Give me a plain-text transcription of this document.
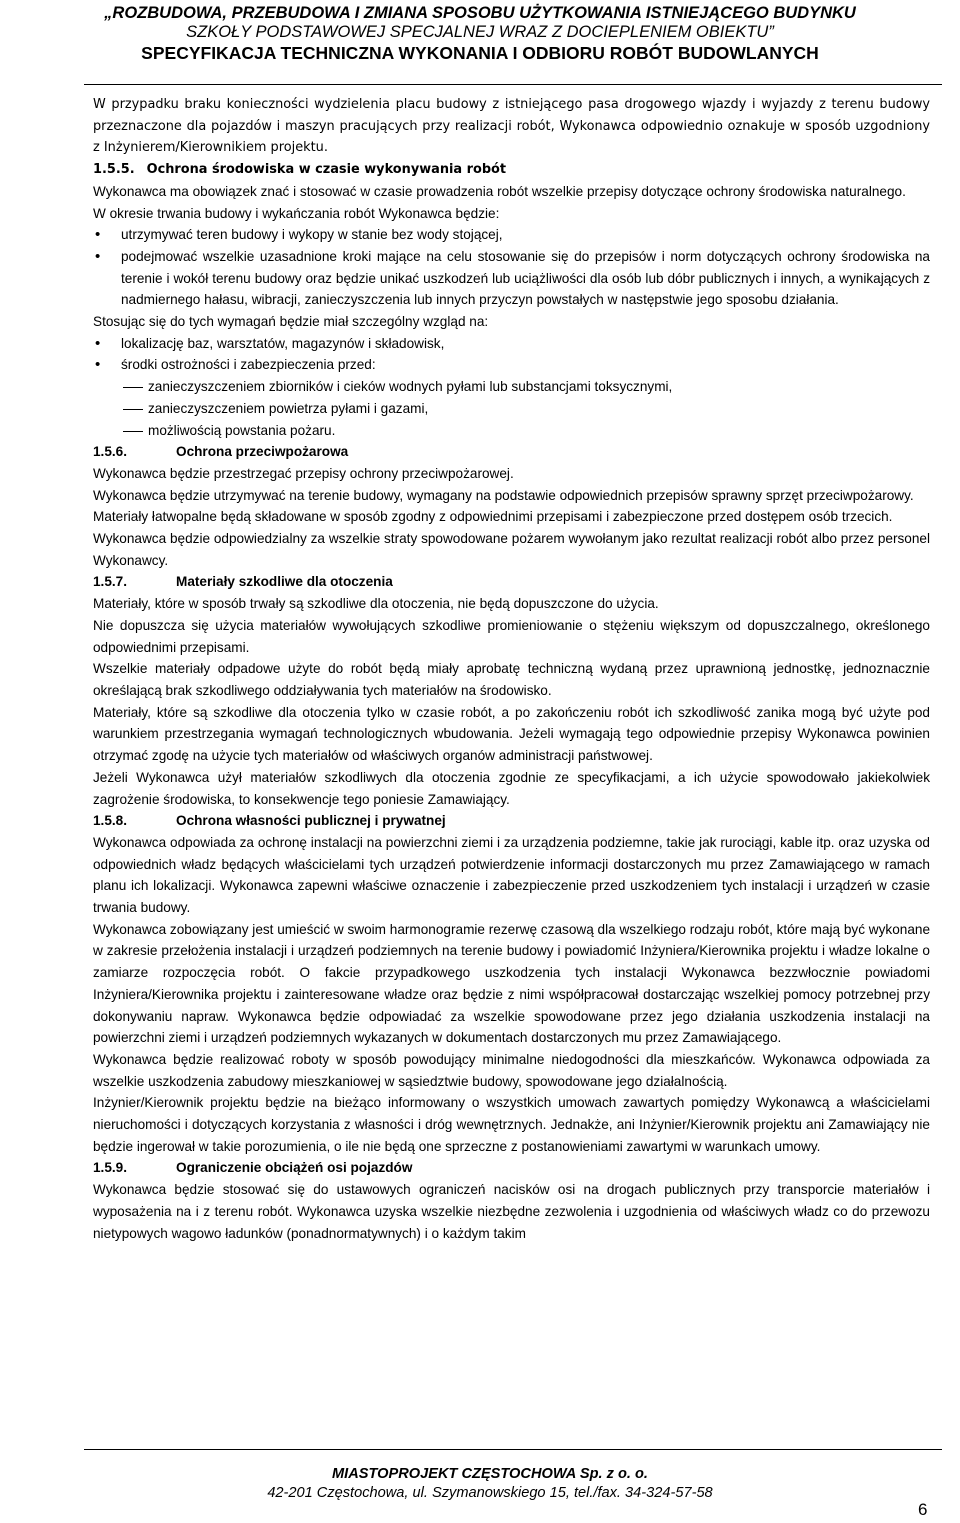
„ROZBUDOWA, PRZEBUDOWA I ZMIANA SPOSOBU UŻYTKOWANIA ISTNIEJĄCEGO BUDYNKU
SZKOŁY PODSTAWOWEJ SPECJALNEJ WRAZ Z DOCIEPLENIEM OBIEKTU”
SPECYFIKACJA TECHNICZNA WYKONANIA I ODBIORU ROBÓT BUDOWLANYCH

W przypadku braku konieczności wydzielenia placu budowy z istniejącego pasa drogowego wjazdy i wyjazdy z terenu budowy przeznaczone dla pojazdów i maszyn pracujących przy realizacji robót, Wykonawca odpowiednio oznakuje w sposób uzgodniony z Inżynierem/Kierownikiem projektu.

1.5.5. Ochrona środowiska w czasie wykonywania robót

Wykonawca ma obowiązek znać i stosować w czasie prowadzenia robót wszelkie przepisy dotyczące ochrony środowiska naturalnego.

W okresie trwania budowy i wykańczania robót Wykonawca będzie:

• utrzymywać teren budowy i wykopy w stanie bez wody stojącej,
• podejmować wszelkie uzasadnione kroki mające na celu stosowanie się do przepisów i norm dotyczących ochrony środowiska na terenie i wokół terenu budowy oraz będzie unikać uszkodzeń lub uciążliwości dla osób lub dóbr publicznych i innych, a wynikających z nadmiernego hałasu, wibracji, zanieczyszczenia lub innych przyczyn powstałych w następstwie jego sposobu działania.

Stosując się do tych wymagań będzie miał szczególny wzgląd na:

• lokalizację baz, warsztatów, magazynów i składowisk,
• środki ostrożności i zabezpieczenia przed:
zanieczyszczeniem zbiorników i cieków wodnych pyłami lub substancjami toksycznymi,
zanieczyszczeniem powietrza pyłami i gazami,
możliwością powstania pożaru.
1.5.6.	Ochrona przeciwpożarowa

Wykonawca będzie przestrzegać przepisy ochrony przeciwpożarowej.

Wykonawca będzie utrzymywać na terenie budowy, wymagany na podstawie odpowiednich przepisów sprawny sprzęt przeciwpożarowy.

Materiały łatwopalne będą składowane w sposób zgodny z odpowiednimi przepisami i zabezpieczone przed dostępem osób trzecich.

Wykonawca będzie odpowiedzialny za wszelkie straty spowodowane pożarem wywołanym jako rezultat realizacji robót albo przez personel Wykonawcy.

1.5.7.	Materiały szkodliwe dla otoczenia

Materiały, które w sposób trwały są szkodliwe dla otoczenia, nie będą dopuszczone do użycia.

Nie dopuszcza się użycia materiałów wywołujących szkodliwe promieniowanie o stężeniu większym od dopuszczalnego, określonego odpowiednimi przepisami.

Wszelkie materiały odpadowe użyte do robót będą miały aprobatę techniczną wydaną przez uprawnioną jednostkę, jednoznacznie określającą brak szkodliwego oddziaływania tych materiałów na środowisko.

Materiały, które są szkodliwe dla otoczenia tylko w czasie robót, a po zakończeniu robót ich szkodliwość zanika mogą być użyte pod warunkiem przestrzegania wymagań technologicznych wbudowania. Jeżeli wymagają tego odpowiednie przepisy Wykonawca powinien otrzymać zgodę na użycie tych materiałów od właściwych organów administracji państwowej.

Jeżeli Wykonawca użył materiałów szkodliwych dla otoczenia zgodnie ze specyfikacjami, a ich użycie spowodowało jakiekolwiek zagrożenie środowiska, to konsekwencje tego poniesie Zamawiający.

1.5.8.	Ochrona własności publicznej i prywatnej

Wykonawca odpowiada za ochronę instalacji na powierzchni ziemi i za urządzenia podziemne, takie jak rurociągi, kable itp. oraz uzyska od odpowiednich władz będących właścicielami tych urządzeń potwierdzenie informacji dostarczonych mu przez Zamawiającego w ramach planu ich lokalizacji. Wykonawca zapewni właściwe oznaczenie i zabezpieczenie przed uszkodzeniem tych instalacji i urządzeń w czasie trwania budowy.

Wykonawca zobowiązany jest umieścić w swoim harmonogramie rezerwę czasową dla wszelkiego rodzaju robót, które mają być wykonane w zakresie przełożenia instalacji i urządzeń podziemnych na terenie budowy i powiadomić Inżyniera/Kierownika projektu i władze lokalne o zamiarze rozpoczęcia robót. O fakcie przypadkowego uszkodzenia tych instalacji Wykonawca bezzwłocznie powiadomi Inżyniera/Kierownika projektu i zainteresowane władze oraz będzie z nimi współpracował dostarczając wszelkiej pomocy potrzebnej przy dokonywaniu napraw. Wykonawca będzie odpowiadać za wszelkie spowodowane przez jego działania uszkodzenia instalacji na powierzchni ziemi i urządzeń podziemnych wykazanych w dokumentach dostarczonych mu przez Zamawiającego.

Wykonawca będzie realizować roboty w sposób powodujący minimalne niedogodności dla mieszkańców. Wykonawca odpowiada za wszelkie uszkodzenia zabudowy mieszkaniowej w sąsiedztwie budowy, spowodowane jego działalnością.

Inżynier/Kierownik projektu będzie na bieżąco informowany o wszystkich umowach zawartych pomiędzy Wykonawcą a właścicielami nieruchomości i dotyczących korzystania z własności i dróg wewnętrznych. Jednakże, ani Inżynier/Kierownik projektu ani Zamawiający nie będzie ingerował w takie porozumienia, o ile nie będą one sprzeczne z postanowieniami zawartymi w warunkach umowy.

1.5.9.	Ograniczenie obciążeń osi pojazdów

Wykonawca będzie stosować się do ustawowych ograniczeń nacisków osi na drogach publicznych przy transporcie materiałów i wyposażenia na i z terenu robót. Wykonawca uzyska wszelkie niezbędne zezwolenia i uzgodnienia od właściwych władz co do przewozu nietypowych wagowo ładunków (ponadnormatywnych) i o każdym takim

MIASTOPROJEKT CZĘSTOCHOWA Sp. z o. o.
42-201 Częstochowa, ul. Szymanowskiego 15, tel./fax. 34-324-57-58
6
